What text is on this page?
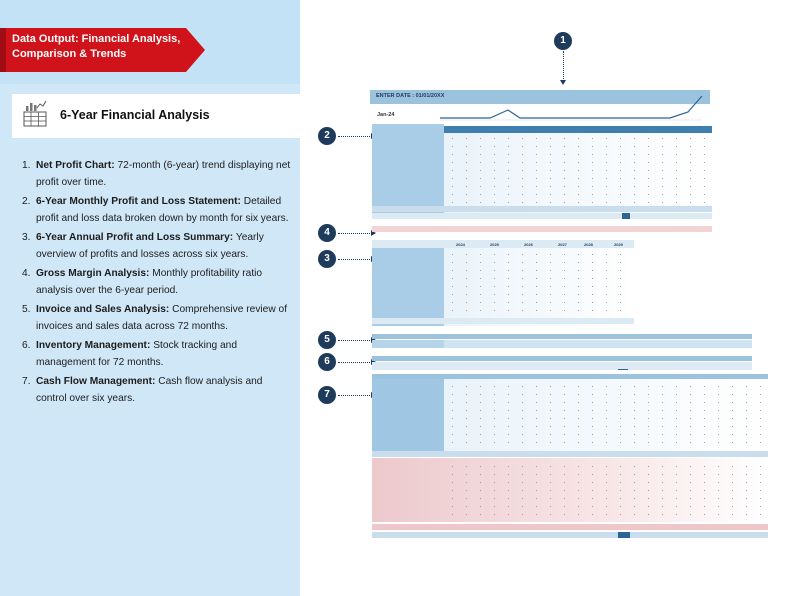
Data Output: Financial Analysis, Comparison & Trends
6-Year Financial Analysis
1. Net Profit Chart: 72-month (6-year) trend displaying net profit over time.
2. 6-Year Monthly Profit and Loss Statement: Detailed profit and loss data broken down by month for six years.
3. 6-Year Annual Profit and Loss Summary: Yearly overview of profits and losses across six years.
4. Gross Margin Analysis: Monthly profitability ratio analysis over the 6-year period.
5. Invoice and Sales Analysis: Comprehensive review of invoices and sales data across 72 months.
6. Inventory Management: Stock tracking and management for 72 months.
7. Cash Flow Management: Cash flow analysis and control over six years.
1
2
4
3
5
6
7
ENTER DATE : 01/01/20XX
Jan-24
2024	2025	2026	2027	2028	2029
